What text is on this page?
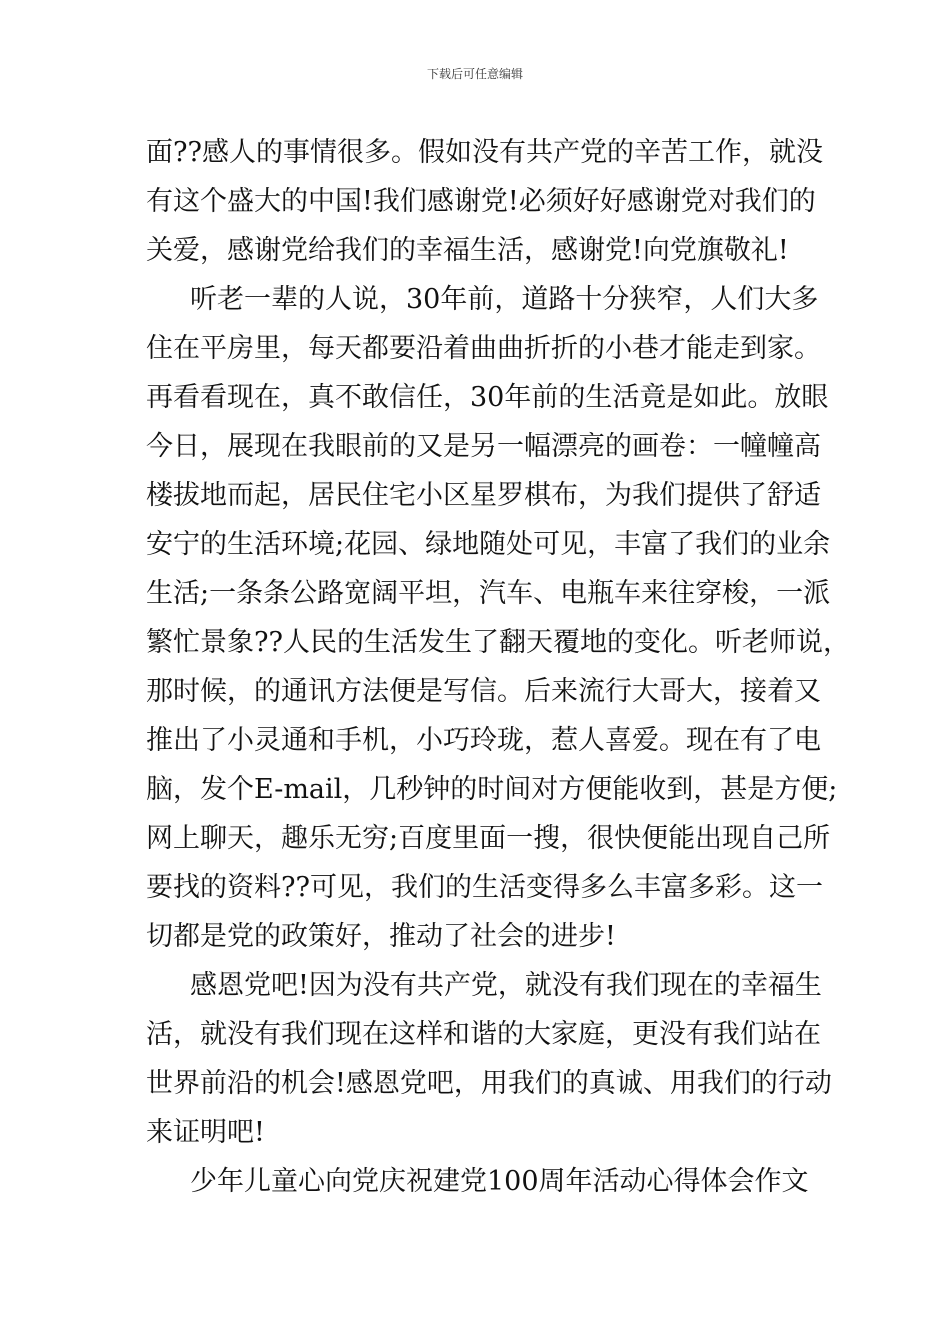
下载后可任意编辑
面??感人的事情很多。假如没有共产党的辛苦工作，就没
有这个盛大的中国!我们感谢党!必须好好感谢党对我们的
关爱，感谢党给我们的幸福生活，感谢党!向党旗敬礼!
听老一辈的人说，30年前，道路十分狭窄，人们大多
住在平房里，每天都要沿着曲曲折折的小巷才能走到家。
再看看现在，真不敢信任，30年前的生活竟是如此。放眼
今日，展现在我眼前的又是另一幅漂亮的画卷：一幢幢高
楼拔地而起，居民住宅小区星罗棋布，为我们提供了舒适
安宁的生活环境;花园、绿地随处可见，丰富了我们的业余
生活;一条条公路宽阔平坦，汽车、电瓶车来往穿梭，一派
繁忙景象??人民的生活发生了翻天覆地的变化。听老师说，
那时候，的通讯方法便是写信。后来流行大哥大，接着又
推出了小灵通和手机，小巧玲珑，惹人喜爱。现在有了电
脑，发个E-mail，几秒钟的时间对方便能收到，甚是方便;
网上聊天，趣乐无穷;百度里面一搜，很快便能出现自己所
要找的资料??可见，我们的生活变得多么丰富多彩。这一
切都是党的政策好，推动了社会的进步!
感恩党吧!因为没有共产党，就没有我们现在的幸福生
活，就没有我们现在这样和谐的大家庭，更没有我们站在
世界前沿的机会!感恩党吧，用我们的真诚、用我们的行动
来证明吧!
少年儿童心向党庆祝建党100周年活动心得体会作文
